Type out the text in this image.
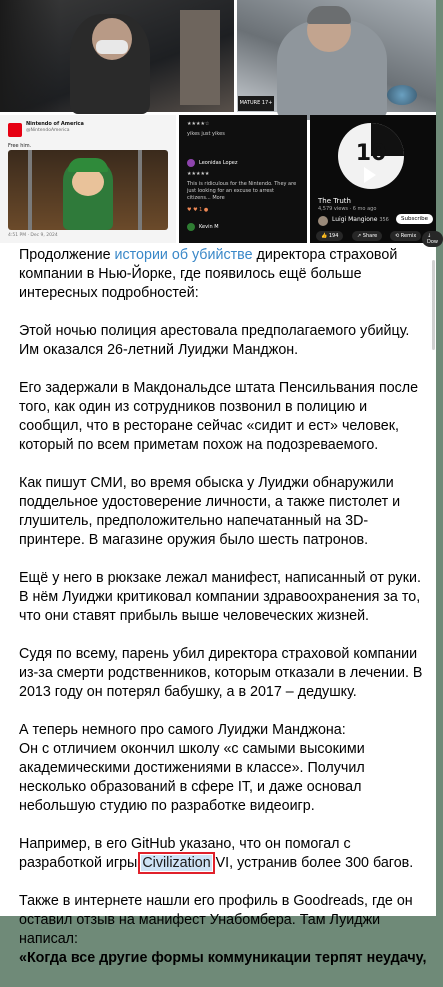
MATURE 17+
Nintendo of America
@NintendoAmerica
Free him.
4:51 PM · Dec 9, 2024
★★★★☆
yikes just yikes
Leonidas Lopez
★★★★★
This is ridiculous for the Nintendo. They are just looking for an excuse to arrest citizens... More
♥ ♥ 1 ●
Kevin M
10
The Truth
4,579 views · 6 mo ago
Luigi Mangione 356	Subscribe
👍 194	↗ Share	⟲ Remix	↓ Dow

Продолжение истории об убийстве директора страховой компании в Нью-Йорке, где появилось ещё больше интересных подробностей:

Этой ночью полиция арестовала предполагаемого убийцу. Им оказался 26-летний Луиджи Манджон.

Его задержали в Макдональдсе штата Пенсильвания после того, как один из сотрудников позвонил в полицию и сообщил, что в ресторане сейчас «сидит и ест» человек, который по всем приметам похож на подозреваемого.

Как пишут СМИ, во время обыска у Луиджи обнаружили поддельное удостоверение личности, а также пистолет и глушитель, предположительно напечатанный на 3D-принтере. В магазине оружия было шесть патронов.

Ещё у него в рюкзаке лежал манифест, написанный от руки. В нём Луиджи критиковал компании здравоохранения за то, что они ставят прибыль выше человеческих жизней.

Судя по всему, парень убил директора страховой компании из-за смерти родственников, которым отказали в лечении. В 2013 году он потерял бабушку, а в 2017 – дедушку.

А теперь немного про самого Луиджи Манджона:
Он с отличием окончил школу «с самыми высокими академическими достижениями в классе». Получил несколько образований в сфере IT, и даже основал небольшую студию по разработке видеоигр.

Например, в его GitHub указано, что он помогал с разработкой игры Civilization VI, устранив более 300 багов.

Также в интернете нашли его профиль в Goodreads, где он оставил отзыв на манифест Унабомбера. Там Луиджи написал:

«Когда все другие формы коммуникации терпят неудачу,
